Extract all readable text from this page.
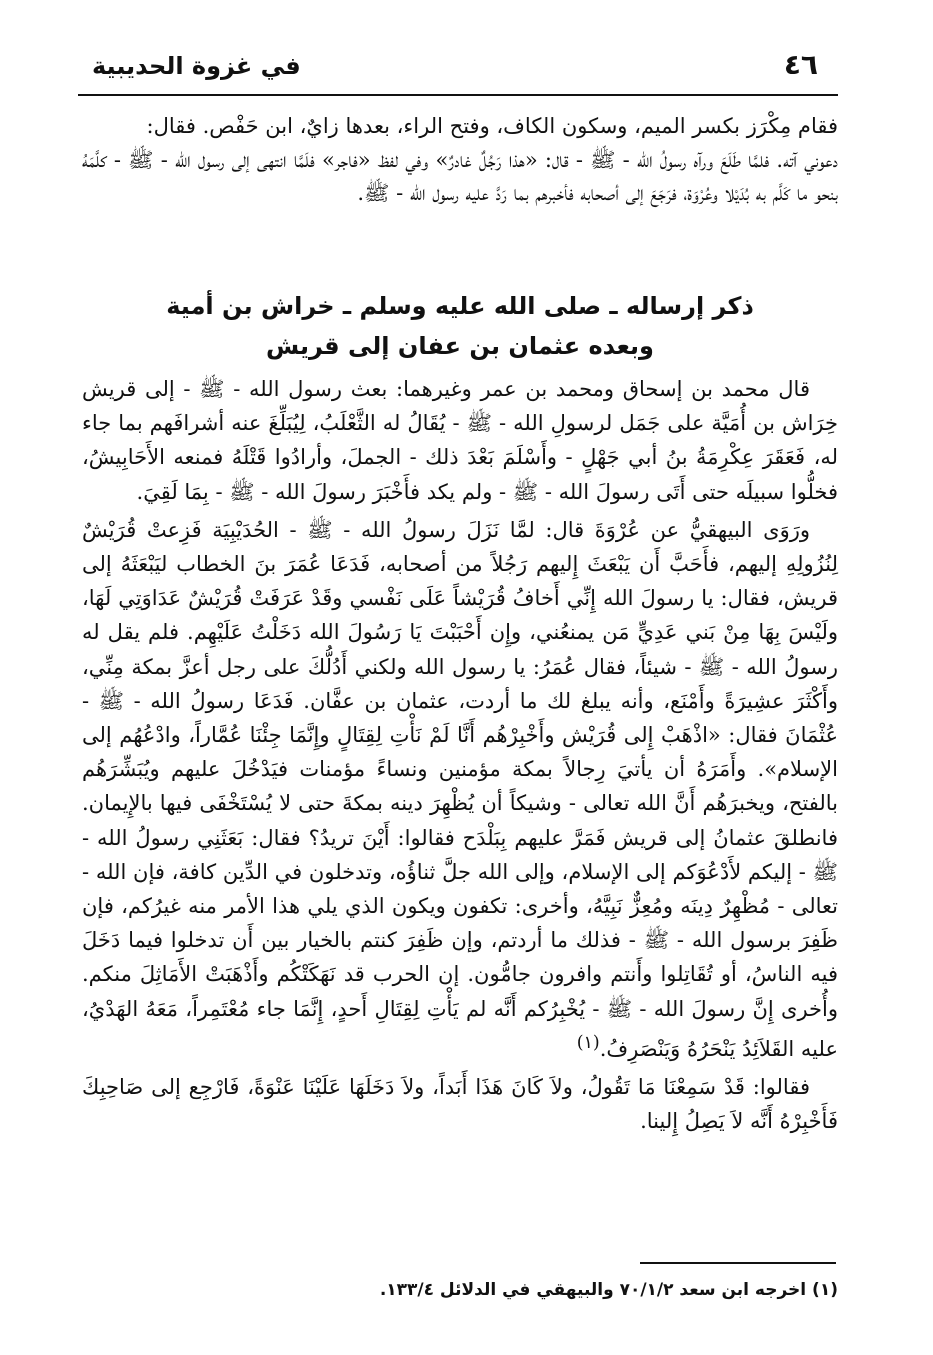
٤٦
في غزوة الحديبية

فقام مِكْرَز بكسر الميم، وسكون الكاف، وفتح الراء، بعدها زايٌ، ابن حَفْص. فقال:

دعوني آته. فلمَّا طَلَعَ ورآه رسولُ الله - ﷺ - قال: «هذا رَجُلٌ غادرٌ» وفي لفظ «فاجر» فلَمَّا انتهى إلى رسول الله - ﷺ - كلَّمَهُ بنحو ما كَلَّم به بُدَيْلا وعُرْوَة، فرَجَعَ إلى أصحابه فأخبرهم بما رَدَّ عليه رسول الله - ﷺ.

ذكر إرساله ـ صلى الله عليه وسلم ـ خراش بن أمية
وبعده عثمان بن عفان إلى قريش

قال محمد بن إسحاق ومحمد بن عمر وغيرهما: بعث رسول الله - ﷺ - إلى قريش خِرَاش بن أُمَيَّة على جَمَل لرسولِ الله - ﷺ - يُقَالُ له الثَّعْلَبُ، لِيُبَلِّغَ عنه أشرافَهم بما جاء له، فَعَقَرَ عِكْرِمَةُ بنُ أبي جَهْلٍ - وأَسْلَمَ بَعْدَ ذلك - الجملَ، وأرادُوا قَتْلَهُ فمنعه الأَحَابِيشُ، فخلُّوا سبيلَه حتى أَتَى رسولَ الله - ﷺ - ولم يكد فأَخْبَرَ رسولَ الله - ﷺ - بِمَا لَقِيَ.

ورَوَى البيهقيُّ عن عُرْوَةَ قال: لمَّا نَزَلَ رسولُ الله - ﷺ - الحُدَيْبِيَة فَزِعتْ قُرَيْشٌ لِنُزُولِهِ إليهم، فأَحَبَّ أَن يَبْعَثَ إِليهم رَجُلاً من أصحابه، فَدَعَا عُمَرَ بنَ الخطاب ليَبْعَثَهُ إلى قريش، فقال: يا رسولَ الله إِنِّي أَخافُ قُرَيْشاً عَلَى نَفْسي وقَدْ عَرَفَتْ قُرَيْشٌ عَدَاوَتِي لَهَا، ولَيْسَ بِهَا مِنْ بَني عَدِيٍّ مَن يمنعُني، وإِن أَحْبَبْتَ يَا رَسُولَ الله دَخَلْتُ عَلَيْهِم. فلم يقل له رسولُ الله - ﷺ - شيئاً، فقال عُمَرُ: يا رسول الله ولكني أَدُلُّكَ على رجل أعزَّ بمكة مِنِّي، وأَكْثَرَ عشِيرَةً وأَمْنَع، وأنه يبلغ لك ما أردت، عثمان بن عفَّان. فَدَعَا رسولُ الله - ﷺ - عُثْمَانَ فقال: «اذْهَبْ إِلى قُرَيْش وأَخْبِرْهُم أَنَّا لَمْ نَأْتِ لِقِتَالٍ وإِنَّمَا جِئْنَا عُمَّاراً، وادْعُهُم إلى الإسلام». وأَمَرَهُ أن يأتيَ رِجالاً بمكة مؤمنين ونساءً مؤمنات فيَدْخُلَ عليهم ويُبَشِّرَهُم بالفتح، ويخبرَهُم أَنَّ الله تعالى - وشيكاً أن يُظْهِرَ دينه بمكةَ حتى لا يُسْتَخْفَى فيها بالإِيمان. فانطلقَ عثمانُ إلى قريش فَمَرَّ عليهم بِبَلْدَح فقالوا: أَيْنَ تريدُ؟ فقال: بَعَثَنِي رسولُ الله - ﷺ - إليكم لأَدْعُوَكم إلى الإسلام، وإلى الله جلَّ ثناؤُه، وتدخلون في الدِّين كافة، فإن الله - تعالى - مُظْهِرٌ دِينَه ومُعِزٌّ نَبِيَّهُ، وأخرى: تكفون ويكون الذي يلي هذا الأمر منه غيرُكم، فإن ظَفِرَ برسول الله - ﷺ - فذلك ما أردتم، وإن ظَفِرَ كنتم بالخيار بين أَن تدخلوا فيما دَخَلَ فيه الناسُ، أو تُقَاتِلوا وأَنتم وافرون جامُّون. إن الحرب قد نَهَكَتْكُم وأَذْهَبَتْ الأَمَاثِلَ منكم. وأُخرى إِنَّ رسولَ الله - ﷺ - يُخْبِرُكم أَنَّه لم يَأْتِ لِقِتَالِ أَحدٍ، إِنَّمَا جاء مُعْتَمِراً، مَعَهُ الهَدْيُ، عليه القَلاَئِدُ يَنْحَرُهُ وَيَنْصَرِفُ.$^{(١)}$

فقالوا: قَدْ سَمِعْنَا مَا تَقُولُ، ولاَ كَانَ هَذَا أَبَداً، ولاَ دَخَلَهَا عَلَيْنَا عَنْوَةً، فَارْجِع إلى صَاحِبِكَ فَأَخْبِرْهُ أَنَّه لاَ يَصِلُ إِلينا.

(١) اخرجه ابن سعد ٧٠/١/٢ والبيهقي في الدلائل ١٣٣/٤.
